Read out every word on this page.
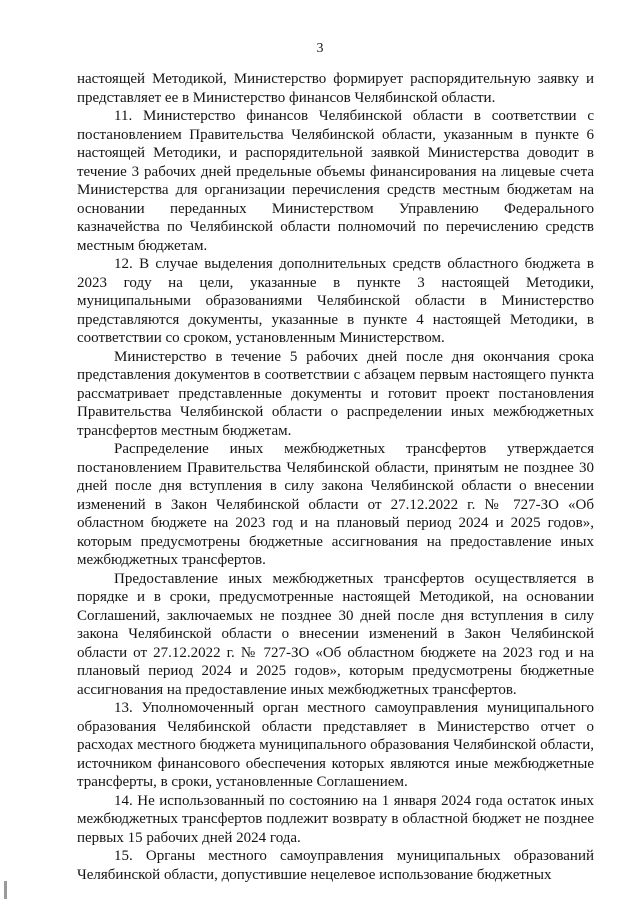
3

настоящей Методикой, Министерство формирует распорядительную заявку и представляет ее в Министерство финансов Челябинской области.

11. Министерство финансов Челябинской области в соответствии с постановлением Правительства Челябинской области, указанным в пункте 6 настоящей Методики, и распорядительной заявкой Министерства доводит в течение 3 рабочих дней предельные объемы финансирования на лицевые счета Министерства для организации перечисления средств местным бюджетам на основании переданных Министерством Управлению Федерального казначейства по Челябинской области полномочий по перечислению средств местным бюджетам.

12. В случае выделения дополнительных средств областного бюджета в 2023 году на цели, указанные в пункте 3 настоящей Методики, муниципальными образованиями Челябинской области в Министерство представляются документы, указанные в пункте 4 настоящей Методики, в соответствии со сроком, установленным Министерством.

Министерство в течение 5 рабочих дней после дня окончания срока представления документов в соответствии с абзацем первым настоящего пункта рассматривает представленные документы и готовит проект постановления Правительства Челябинской области о распределении иных межбюджетных трансфертов местным бюджетам.

Распределение иных межбюджетных трансфертов утверждается постановлением Правительства Челябинской области, принятым не позднее 30 дней после дня вступления в силу закона Челябинской области о внесении изменений в Закон Челябинской области от 27.12.2022 г. № 727-ЗО «Об областном бюджете на 2023 год и на плановый период 2024 и 2025 годов», которым предусмотрены бюджетные ассигнования на предоставление иных межбюджетных трансфертов.

Предоставление иных межбюджетных трансфертов осуществляется в порядке и в сроки, предусмотренные настоящей Методикой, на основании Соглашений, заключаемых не позднее 30 дней после дня вступления в силу закона Челябинской области о внесении изменений в Закон Челябинской области от 27.12.2022 г. № 727-ЗО «Об областном бюджете на 2023 год и на плановый период 2024 и 2025 годов», которым предусмотрены бюджетные ассигнования на предоставление иных межбюджетных трансфертов.

13. Уполномоченный орган местного самоуправления муниципального образования Челябинской области представляет в Министерство отчет о расходах местного бюджета муниципального образования Челябинской области, источником финансового обеспечения которых являются иные межбюджетные трансферты, в сроки, установленные Соглашением.

14. Не использованный по состоянию на 1 января 2024 года остаток иных межбюджетных трансфертов подлежит возврату в областной бюджет не позднее первых 15 рабочих дней 2024 года.

15. Органы местного самоуправления муниципальных образований Челябинской области, допустившие нецелевое использование бюджетных
